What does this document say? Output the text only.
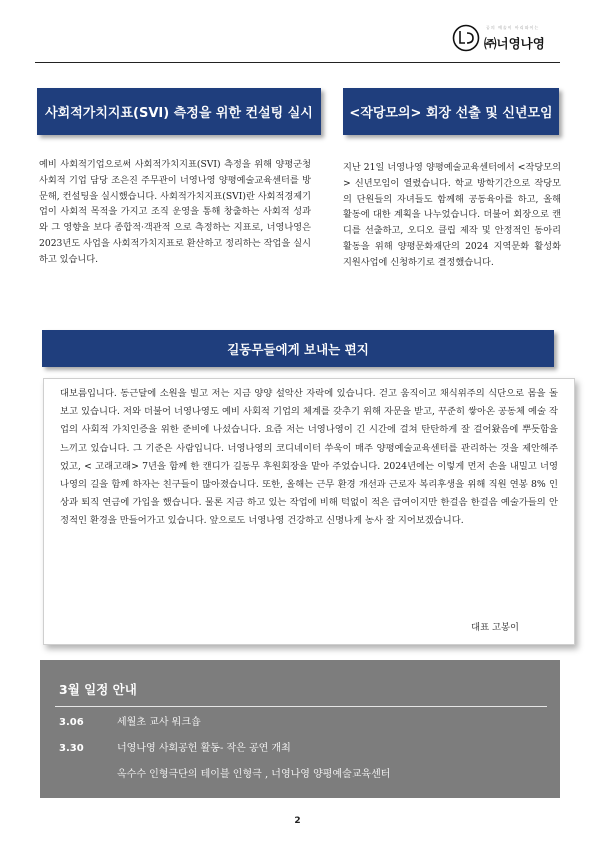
공의 예술이 아리따이는
㈜너영나영
사회적가치지표(SVI) 측정을 위한 컨설팅 실시	<작당모의> 회장 선출 및 신년모임
예비 사회적기업으로써 사회적가치지표(SVI) 측정을 위해 양평군청 사회적 기업 담당 조은진 주무관이 너영나영 양평예술교육센터를 방문해, 컨설팅을 실시했습니다. 사회적가치지표(SVI)란 사회적경제기업이 사회적 목적을 가지고 조직 운영을 통해 창출하는 사회적 성과와 그 영향을 보다 종합적·객관적 으로 측정하는 지표로, 너영나영은 2023년도 사업을 사회적가치지표로 환산하고 정리하는 작업을 실시하고 있습니다.
지난 21일 너영나영 양평예술교육센터에서 <작당모의> 신년모임이 열렸습니다. 학교 방학기간으로 작당모의 단원들의 자녀들도 함께해 공동육아를 하고, 올해 활동에 대한 계획을 나누었습니다. 더불어 회장으로 캔디를 선출하고, 오디오 클립 제작 및 안정적인 동아리 활동을 위해 양평문화재단의 2024 지역문화 활성화 지원사업에 신청하기로 결정했습니다.
길동무들에게 보내는 편지
대보름입니다. 동근달에 소원을 빌고 저는 지금 양양 설악산 자락에 있습니다. 걷고 움직이고 채식위주의 식단으로 몸을 돌보고 있습니다. 저와 더불어 너영나영도 예비 사회적 기업의 체계를 갖추기 위해 자문을 받고, 꾸준히 쌓아온 공동체 예술 작업의 사회적 가치인증을 위한 준비에 나섰습니다. 요즘 저는 너영나영이 긴 시간에 걸쳐 탄탄하게 잘 걸어왔음에 뿌듯함을 느끼고 있습니다. 그 기준은 사람입니다. 너영나영의 코디네이터 쑤욱이 매주 양평예술교육센터를 관리하는 것을 제안해주었고, < 고래고래> 7년을 함께 한 캔디가 길동무 후원회장을 맡아 주었습니다. 2024년에는 이렇게 먼저 손을 내밀고 너영나영의 길을 함께 하자는 친구들이 많아졌습니다. 또한, 올해는 근무 환경 개선과 근로자 복리후생을 위해 직원 연봉 8% 인상과 퇴직 연금에 가입을 했습니다. 물론 지금 하고 있는 작업에 비해 턱없이 적은 급여이지만 한걸음 한걸음 예술가들의 안정적인 환경을 만들어가고 있습니다. 앞으로도 너영나영 건강하고 신명나게 농사 잘 지어보겠습니다.
대표 고봉이
3월 일정 안내
3.06	세월초 교사 워크숍
3.30	너영나영 사회공헌 활동- 작은 공연 개최
옥수수 인형극단의 테이블 인형극 , 너영나영 양평예술교육센터
2
